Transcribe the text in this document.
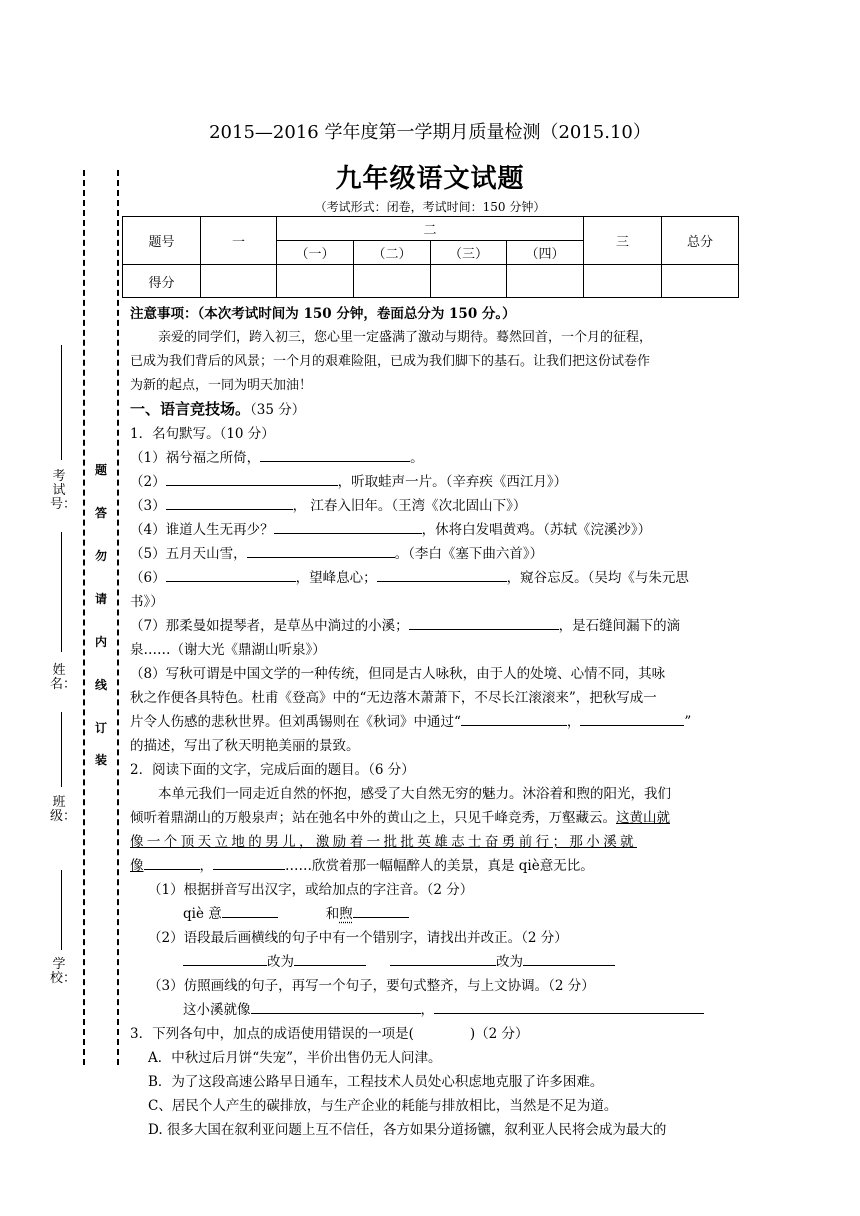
2015—2016 学年度第一学期月质量检测（2015.10）
九年级语文试题
（考试形式：闭卷，考试时间：150 分钟）
题号	一	二				三	总分
		（一）	（二）	（三）	（四）		
得分							
题
答
勿
请
内
线
订
装
考试号：
姓名：
班级：
学校：
注意事项：（本次考试时间为 150 分钟，卷面总分为 150 分。）
亲爱的同学们，跨入初三，您心里一定盛满了激动与期待。蓦然回首，一个月的征程，
已成为我们背后的风景；一个月的艰难险阻，已成为我们脚下的基石。让我们把这份试卷作
为新的起点，一同为明天加油！
一、语言竞技场。（35 分）
1．名句默写。（10 分）
（1）祸兮福之所倚，	。
（2）	，听取蛙声一片。（辛弃疾《西江月》）
（3）	， 江春入旧年。（王湾《次北固山下》）
（4）谁道人生无再少？	，休将白发唱黄鸡。（苏轼《浣溪沙》）
（5）五月天山雪，	。（李白《塞下曲六首》）
（6）	，望峰息心；	，窥谷忘反。（吴均《与朱元思
书》）
（7）那柔曼如提琴者，是草丛中淌过的小溪；	，是石缝间漏下的滴
泉……（谢大光《鼎湖山听泉》）
（8）写秋可谓是中国文学的一种传统，但同是古人咏秋，由于人的处境、心情不同，其咏
秋之作便各具特色。杜甫《登高》中的“无边落木萧萧下，不尽长江滚滚来”，把秋写成一
片令人伤感的悲秋世界。但刘禹锡则在《秋词》中通过“	，	”
的描述，写出了秋天明艳美丽的景致。
2．阅读下面的文字，完成后面的题目。（6 分）
本单元我们一同走近自然的怀抱，感受了大自然无穷的魅力。沐浴着和煦的阳光，我们
倾听着鼎湖山的万般泉声；站在弛名中外的黄山之上，只见千峰竞秀，万壑藏云。这黄山就
像一个顶天立地的男儿，激励着一批批英雄志士奋勇前行；那小溪就
像	，	……欣赏着那一幅幅醉人的美景，真是 qiè意无比。
（1）根据拼音写出汉字，或给加点的字注音。（2 分）
qiè 意	和煦
（2）语段最后画横线的句子中有一个错别字，请找出并改正。（2 分）
改为	改为
（3）仿照画线的句子，再写一个句子，要句式整齐，与上文协调。（2 分）
这小溪就像	，
3．下列各句中，加点的成语使用错误的一项是(	)（2 分）
A．中秋过后月饼“失宠”，半价出售仍无人问津。
B．为了这段高速公路早日通车，工程技术人员处心积虑地克服了许多困难。
C、居民个人产生的碳排放，与生产企业的耗能与排放相比，当然是不足为道。
D. 很多大国在叙利亚问题上互不信任，各方如果分道扬镳，叙利亚人民将会成为最大的
